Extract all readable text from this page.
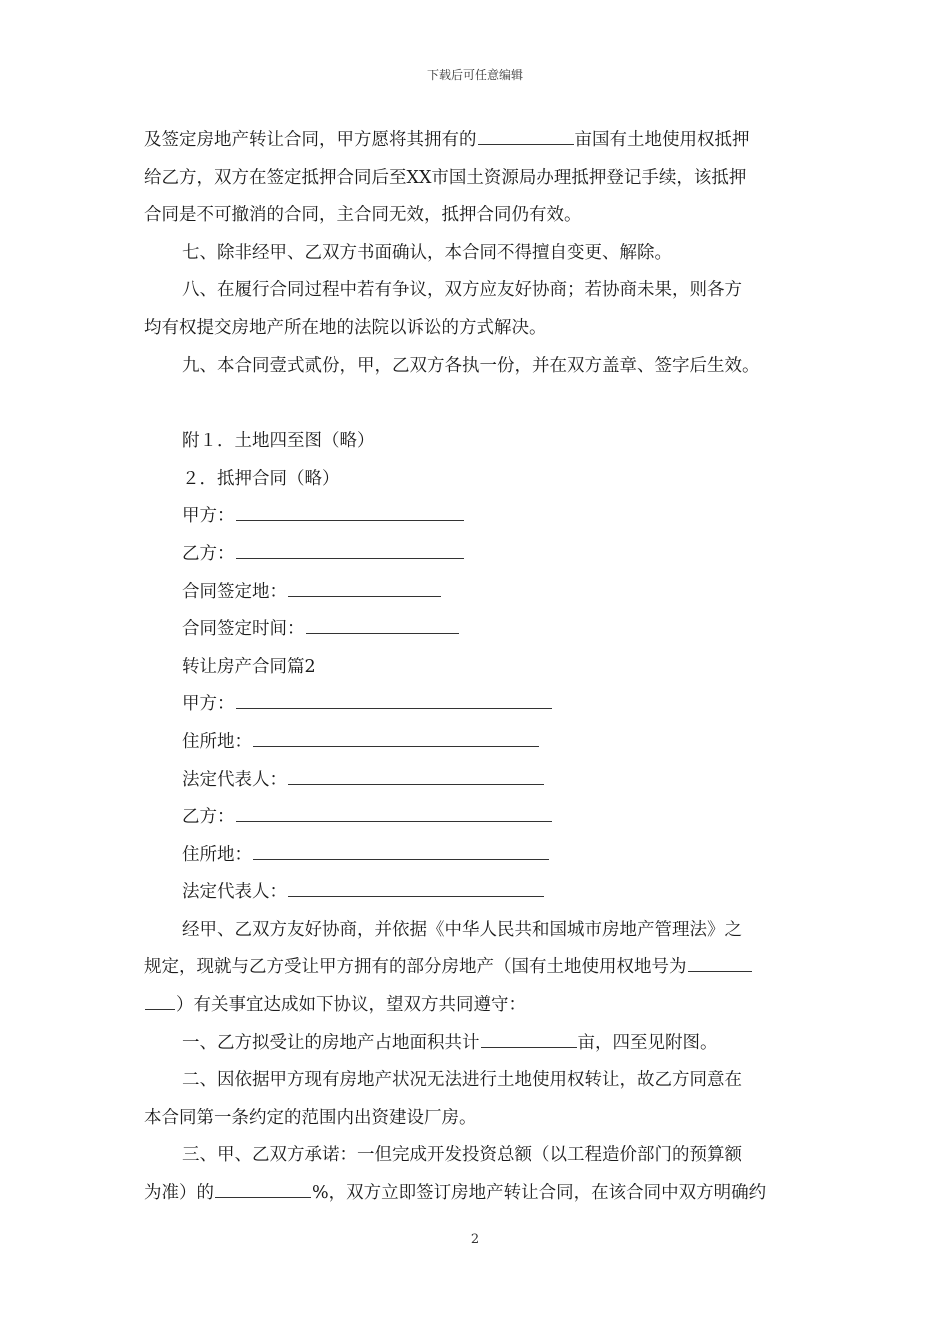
下载后可任意编辑

及签定房地产转让合同，甲方愿将其拥有的	亩国有土地使用权抵押

给乙方，双方在签定抵押合同后至XX市国土资源局办理抵押登记手续，该抵押

合同是不可撤消的合同，主合同无效，抵押合同仍有效。

七、除非经甲、乙双方书面确认，本合同不得擅自变更、解除。

八、在履行合同过程中若有争议，双方应友好协商；若协商未果，则各方

均有权提交房地产所在地的法院以诉讼的方式解决。

九、本合同壹式贰份，甲，乙双方各执一份，并在双方盖章、签字后生效。

附１．土地四至图（略）

２．抵押合同（略）

甲方：

乙方：

合同签定地：

合同签定时间：

转让房产合同篇2

甲方：

住所地：

法定代表人：

乙方：

住所地：

法定代表人：

经甲、乙双方友好协商，并依据《中华人民共和国城市房地产管理法》之

规定，现就与乙方受让甲方拥有的部分房地产（国有土地使用权地号为

）有关事宜达成如下协议，望双方共同遵守：

一、乙方拟受让的房地产占地面积共计	亩，四至见附图。

二、因依据甲方现有房地产状况无法进行土地使用权转让，故乙方同意在

本合同第一条约定的范围内出资建设厂房。

三、甲、乙双方承诺：一但完成开发投资总额（以工程造价部门的预算额

为准）的	%，双方立即签订房地产转让合同，在该合同中双方明确约

2
